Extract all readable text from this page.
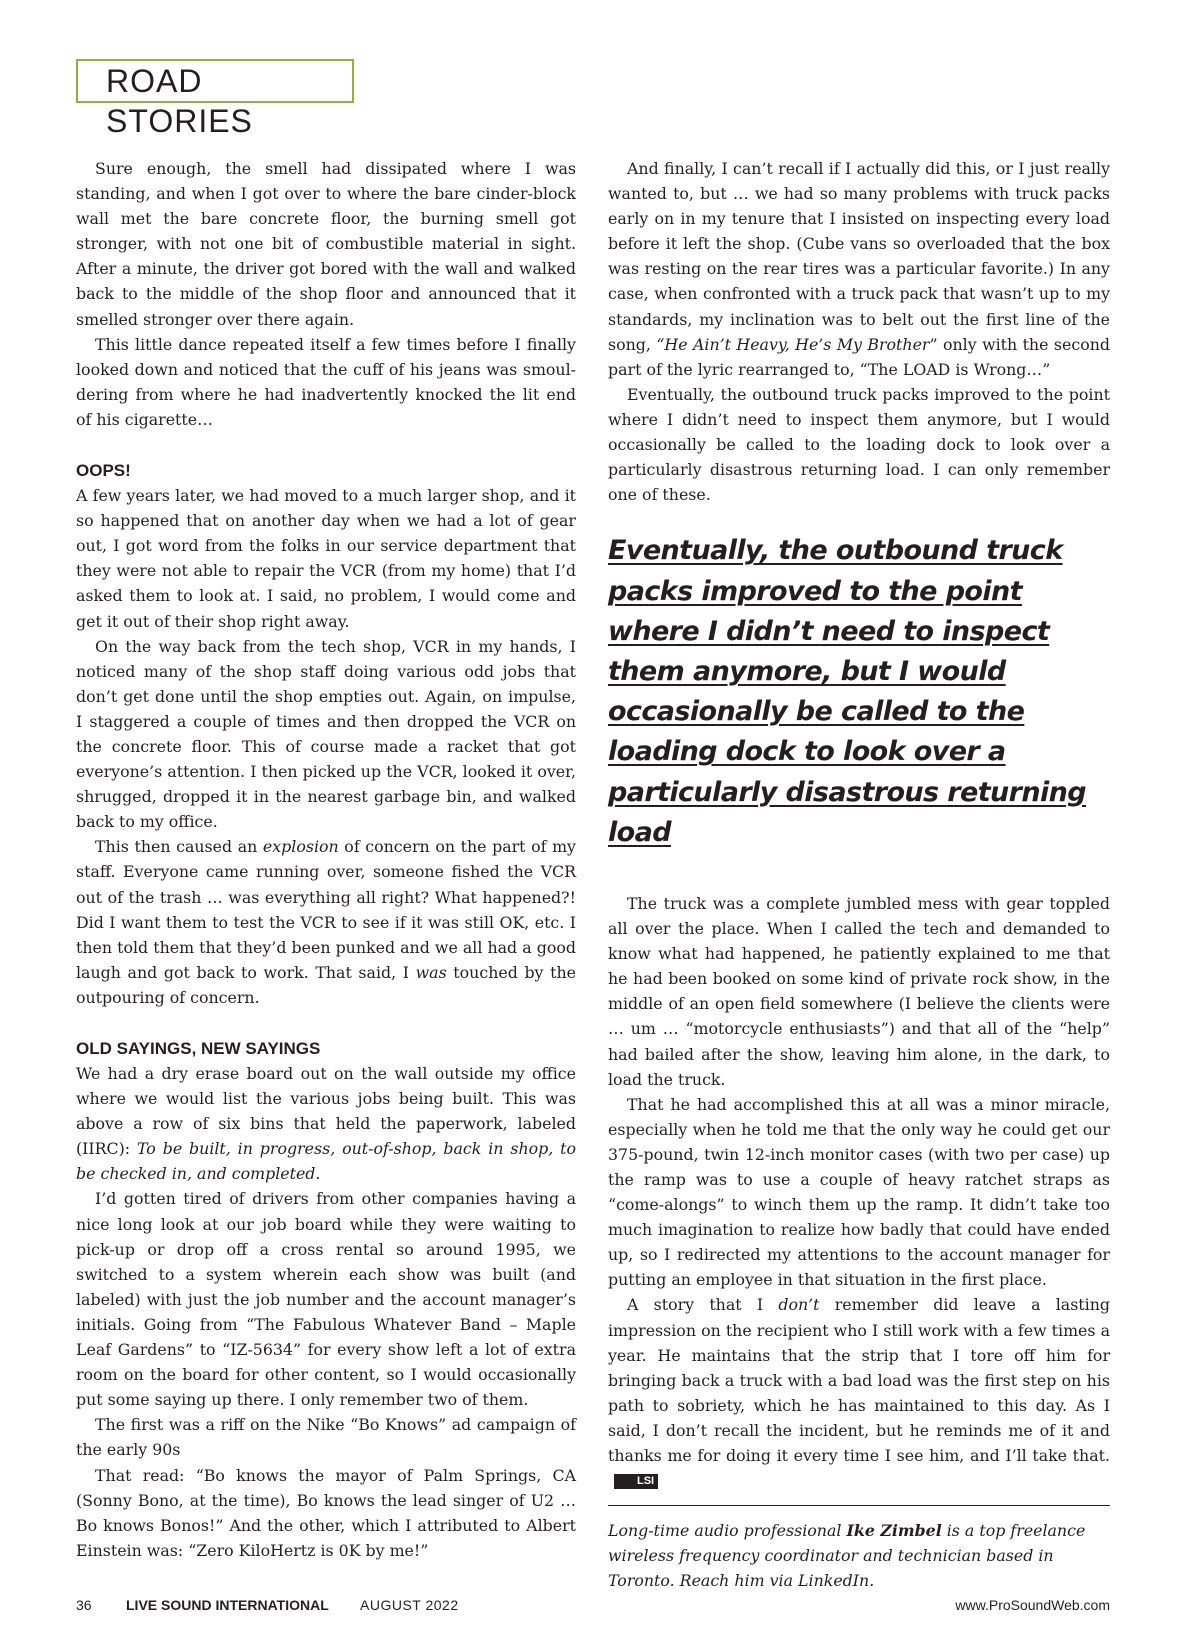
ROAD STORIES

Sure enough, the smell had dissipated where I was standing, and when I got over to where the bare cinder-block wall met the bare concrete floor, the burning smell got stronger, with not one bit of combustible material in sight. After a minute, the driver got bored with the wall and walked back to the middle of the shop floor and announced that it smelled stronger over there again.

This little dance repeated itself a few times before I finally looked down and noticed that the cuff of his jeans was smoul-dering from where he had inadvertently knocked the lit end of his cigarette…

OOPS!

A few years later, we had moved to a much larger shop, and it so happened that on another day when we had a lot of gear out, I got word from the folks in our service department that they were not able to repair the VCR (from my home) that I’d asked them to look at. I said, no problem, I would come and get it out of their shop right away.

On the way back from the tech shop, VCR in my hands, I noticed many of the shop staff doing various odd jobs that don’t get done until the shop empties out. Again, on impulse, I staggered a couple of times and then dropped the VCR on the concrete floor. This of course made a racket that got everyone’s attention. I then picked up the VCR, looked it over, shrugged, dropped it in the nearest garbage bin, and walked back to my office.

This then caused an explosion of concern on the part of my staff. Everyone came running over, someone fished the VCR out of the trash … was everything all right? What happened?! Did I want them to test the VCR to see if it was still OK, etc. I then told them that they’d been punked and we all had a good laugh and got back to work. That said, I was touched by the outpouring of concern.

OLD SAYINGS, NEW SAYINGS

We had a dry erase board out on the wall outside my office where we would list the various jobs being built. This was above a row of six bins that held the paperwork, labeled (IIRC): To be built, in progress, out-of-shop, back in shop, to be checked in, and completed.

I’d gotten tired of drivers from other companies having a nice long look at our job board while they were waiting to pick-up or drop off a cross rental so around 1995, we switched to a system wherein each show was built (and labeled) with just the job number and the account manager’s initials. Going from “The Fabulous Whatever Band – Maple Leaf Gardens” to “IZ-5634” for every show left a lot of extra room on the board for other content, so I would occasionally put some saying up there. I only remember two of them.

The first was a riff on the Nike “Bo Knows” ad campaign of the early 90s

That read: “Bo knows the mayor of Palm Springs, CA (Sonny Bono, at the time), Bo knows the lead singer of U2 … Bo knows Bonos!” And the other, which I attributed to Albert Einstein was: “Zero KiloHertz is 0K by me!”

And finally, I can’t recall if I actually did this, or I just really wanted to, but … we had so many problems with truck packs early on in my tenure that I insisted on inspecting every load before it left the shop. (Cube vans so overloaded that the box was resting on the rear tires was a particular favorite.) In any case, when confronted with a truck pack that wasn’t up to my standards, my inclination was to belt out the first line of the song, “He Ain’t Heavy, He’s My Brother” only with the second part of the lyric rearranged to, “The LOAD is Wrong…”

Eventually, the outbound truck packs improved to the point where I didn’t need to inspect them anymore, but I would occasionally be called to the loading dock to look over a particularly disastrous returning load. I can only remember one of these.

Eventually, the outbound truck packs improved to the point where I didn’t need to inspect them anymore, but I would occasionally be called to the loading dock to look over a particularly disastrous returning load

The truck was a complete jumbled mess with gear toppled all over the place. When I called the tech and demanded to know what had happened, he patiently explained to me that he had been booked on some kind of private rock show, in the middle of an open field somewhere (I believe the clients were … um … “motorcycle enthusiasts”) and that all of the “help” had bailed after the show, leaving him alone, in the dark, to load the truck.

That he had accomplished this at all was a minor miracle, especially when he told me that the only way he could get our 375-pound, twin 12-inch monitor cases (with two per case) up the ramp was to use a couple of heavy ratchet straps as “come-alongs” to winch them up the ramp. It didn’t take too much imagination to realize how badly that could have ended up, so I redirected my attentions to the account manager for putting an employee in that situation in the first place.

A story that I don’t remember did leave a lasting impression on the recipient who I still work with a few times a year. He maintains that the strip that I tore off him for bringing back a truck with a bad load was the first step on his path to sobriety, which he has maintained to this day. As I said, I don’t recall the incident, but he reminds me of it and thanks me for doing it every time I see him, and I’ll take that.LSI

Long-time audio professional Ike Zimbel is a top freelance wireless frequency coordinator and technician based in Toronto. Reach him via LinkedIn.
36 LIVE SOUND INTERNATIONAL AUGUST 2022	www.ProSoundWeb.com
